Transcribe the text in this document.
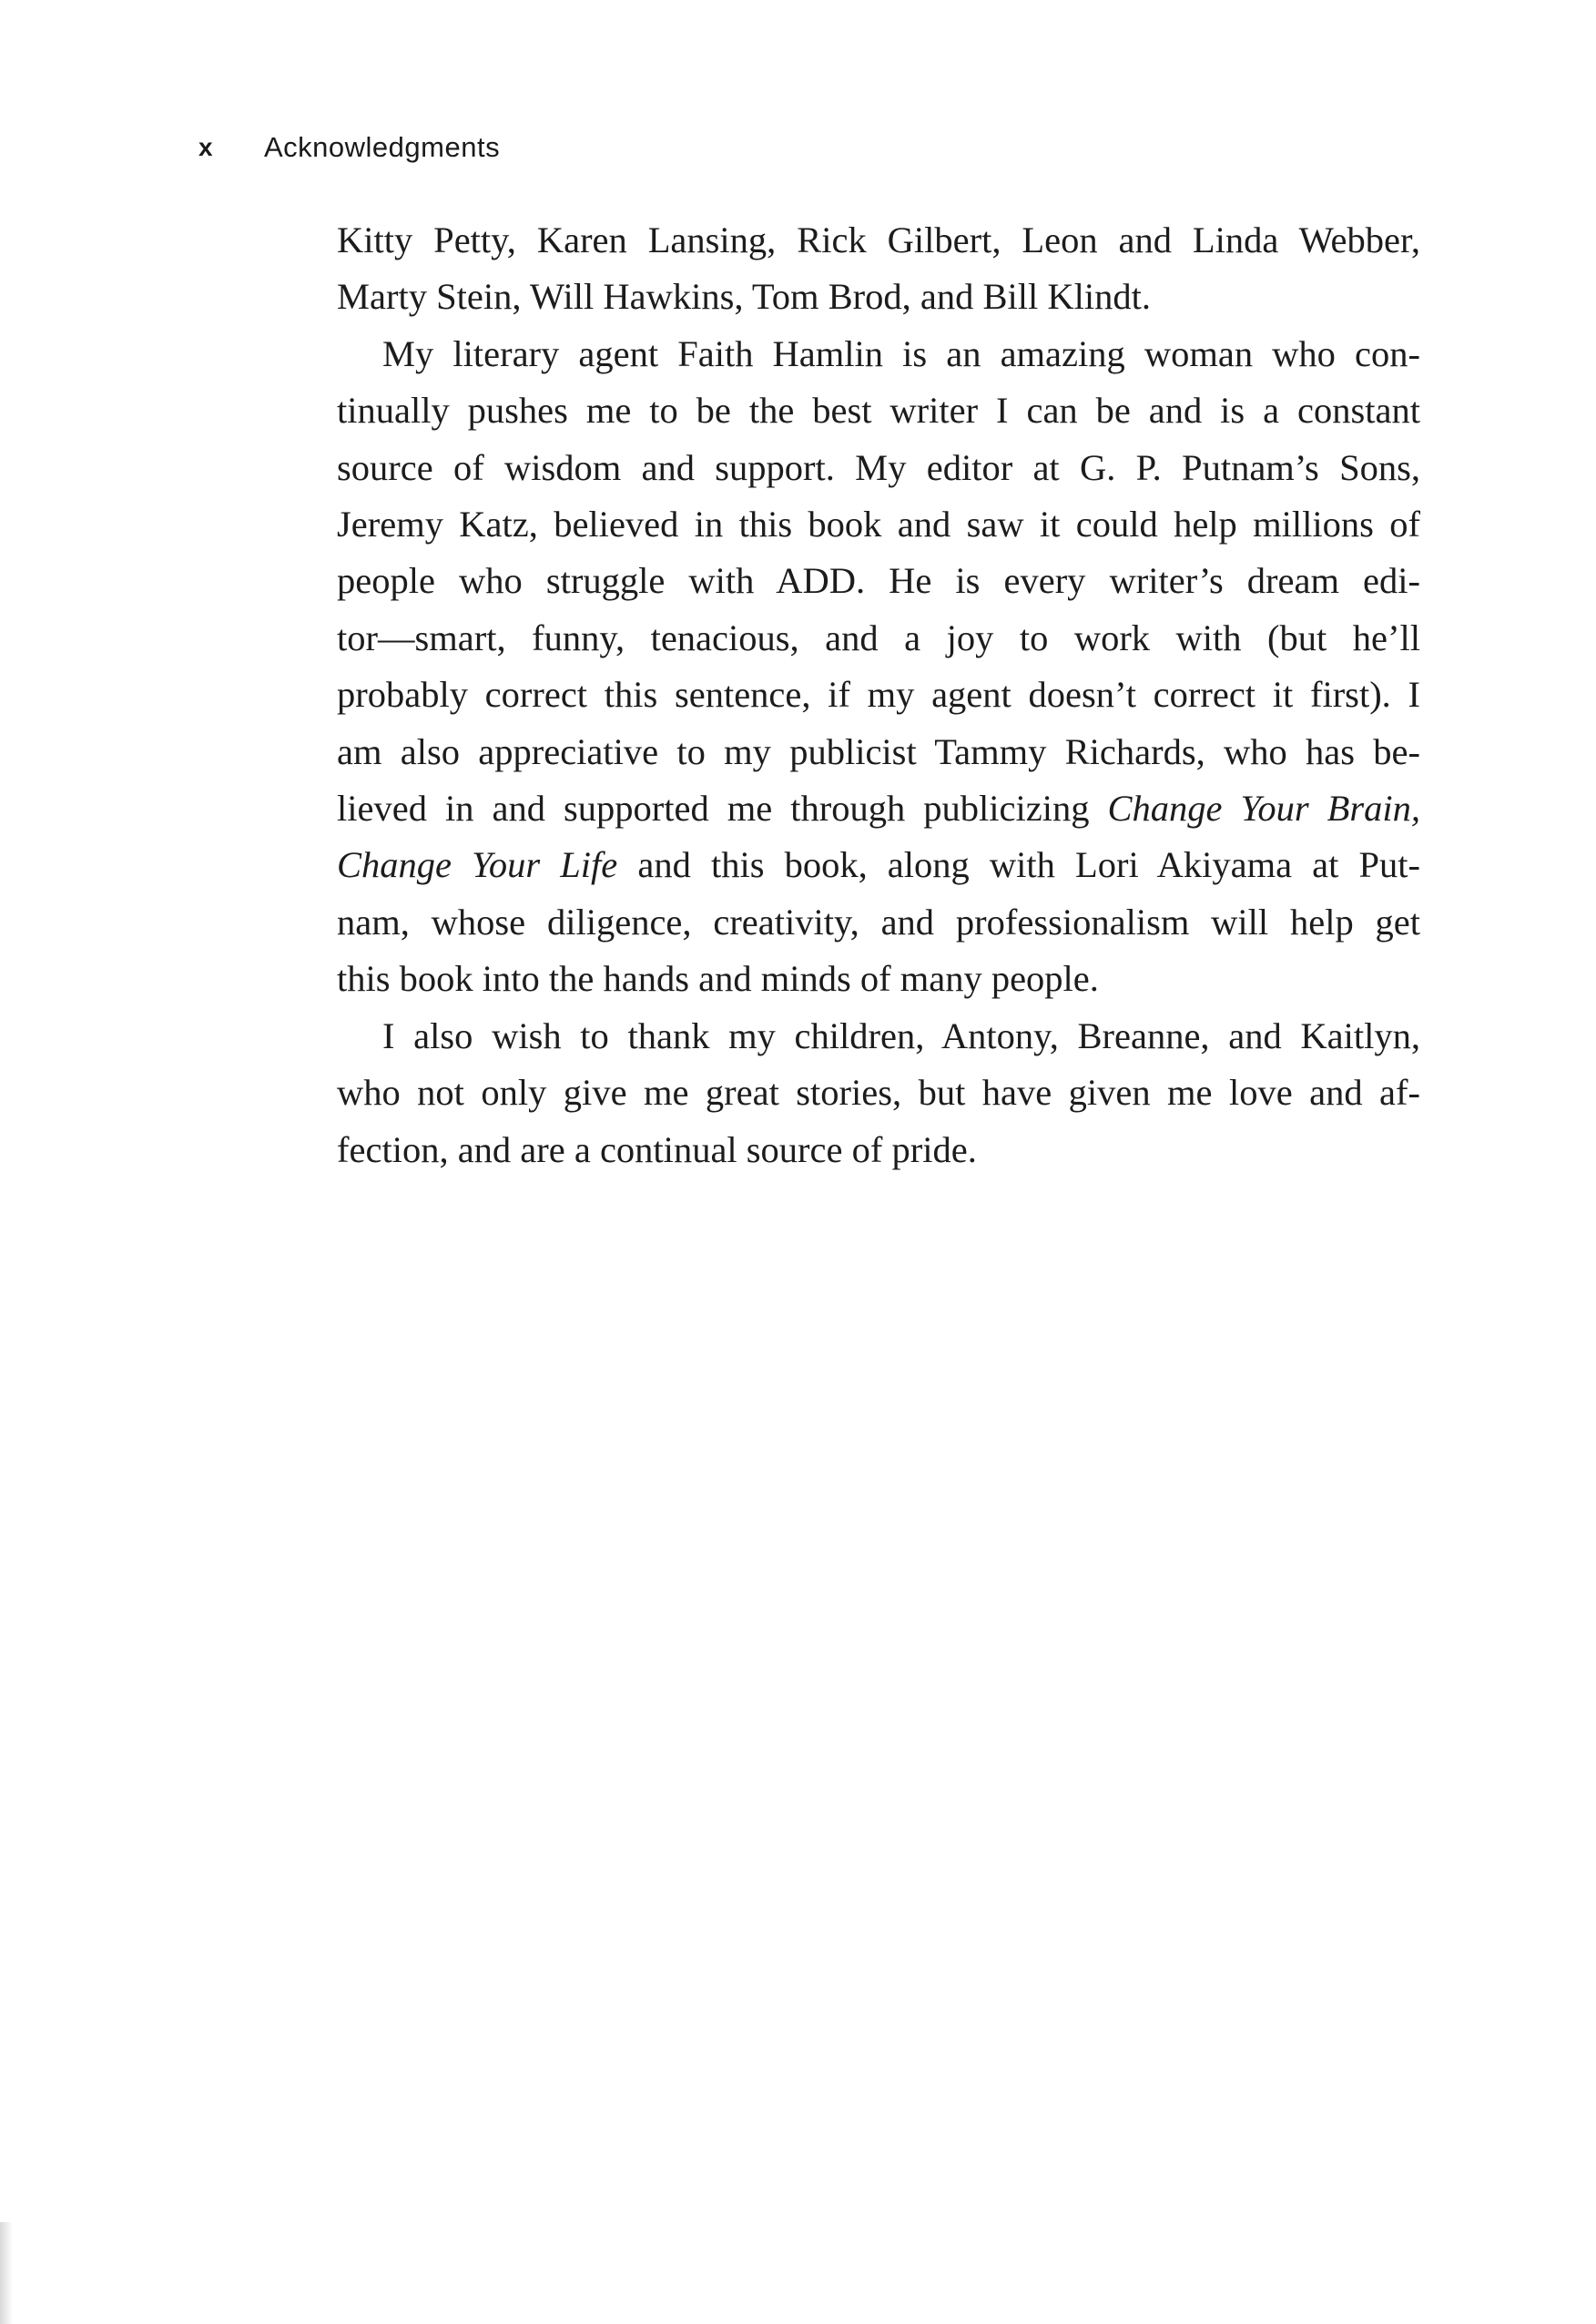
x	Acknowledgments

Kitty Petty, Karen Lansing, Rick Gilbert, Leon and Linda Webber,
Marty Stein, Will Hawkins, Tom Brod, and Bill Klindt.

My literary agent Faith Hamlin is an amazing woman who con-
tinually pushes me to be the best writer I can be and is a constant
source of wisdom and support. My editor at G. P. Putnam’s Sons,
Jeremy Katz, believed in this book and saw it could help millions of
people who struggle with ADD. He is every writer’s dream edi-
tor—smart, funny, tenacious, and a joy to work with (but he’ll
probably correct this sentence, if my agent doesn’t correct it first). I
am also appreciative to my publicist Tammy Richards, who has be-
lieved in and supported me through publicizing Change Your Brain,
Change Your Life and this book, along with Lori Akiyama at Put-
nam, whose diligence, creativity, and professionalism will help get
this book into the hands and minds of many people.

I also wish to thank my children, Antony, Breanne, and Kaitlyn,
who not only give me great stories, but have given me love and af-
fection, and are a continual source of pride.
